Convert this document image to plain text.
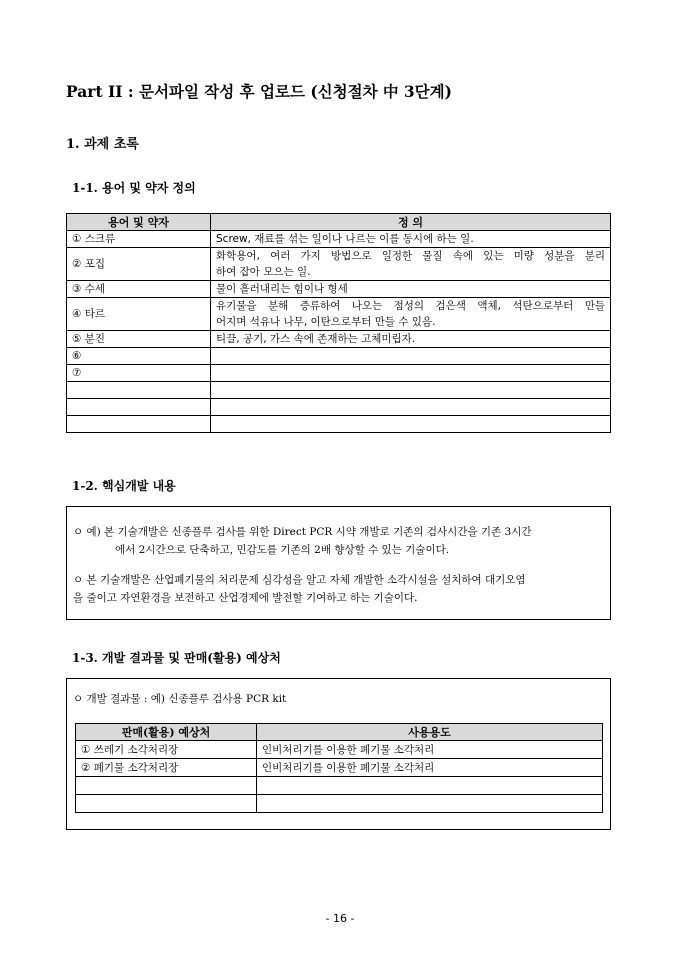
Part II : 문서파일 작성 후 업로드 (신청절차 中 3단계)
1. 과제 초록
1-1. 용어 및 약자 정의
용어 및 약자	정 의
① 스크류	Screw, 재료를 섞는 일이나 나르는 이를 동시에 하는 일.
② 포집	화학용어, 여러 가지 방법으로 일정한 물질 속에 있는 미량 성분을 분리
하여 잡아 모으는 일.

③ 수세	물이 흘러내리는 힘이나 형세
④ 타르	유기물을 분해 증류하여 나오는 점성의 검은색 액체, 석탄으로부터 만들
어지며 석유나 나무, 이탄으로부터 만들 수 있음.

⑤ 분진	티끌, 공기, 가스 속에 존재하는 고체미립자.
⑥	
⑦	

1-2. 핵심개발 내용
ㅇ 예) 본 기술개발은 신종플루 검사를 위한 Direct PCR 시약 개발로 기존의 검사시간을 기존 3시간
에서 2시간으로 단축하고, 민감도를 기존의 2배 향상할 수 있는 기술이다.
ㅇ 본 기술개발은 산업폐기물의 처리문제 심각성을 알고 자체 개발한 소각시설을 설치하여 대기오염
을 줄이고 자연환경을 보전하고 산업경제에 발전할 기여하고 하는 기술이다.
1-3. 개발 결과물 및 판매(활용) 예상처
ㅇ 개발 결과물 : 예) 신종플루 검사용 PCR kit
판매(활용) 예상처	사용용도
① 쓰레기 소각처리장	인비처리기를 이용한 폐기물 소각처리
② 폐기물 소각처리장	인비처리기를 이용한 폐기물 소각처리

- 16 -
